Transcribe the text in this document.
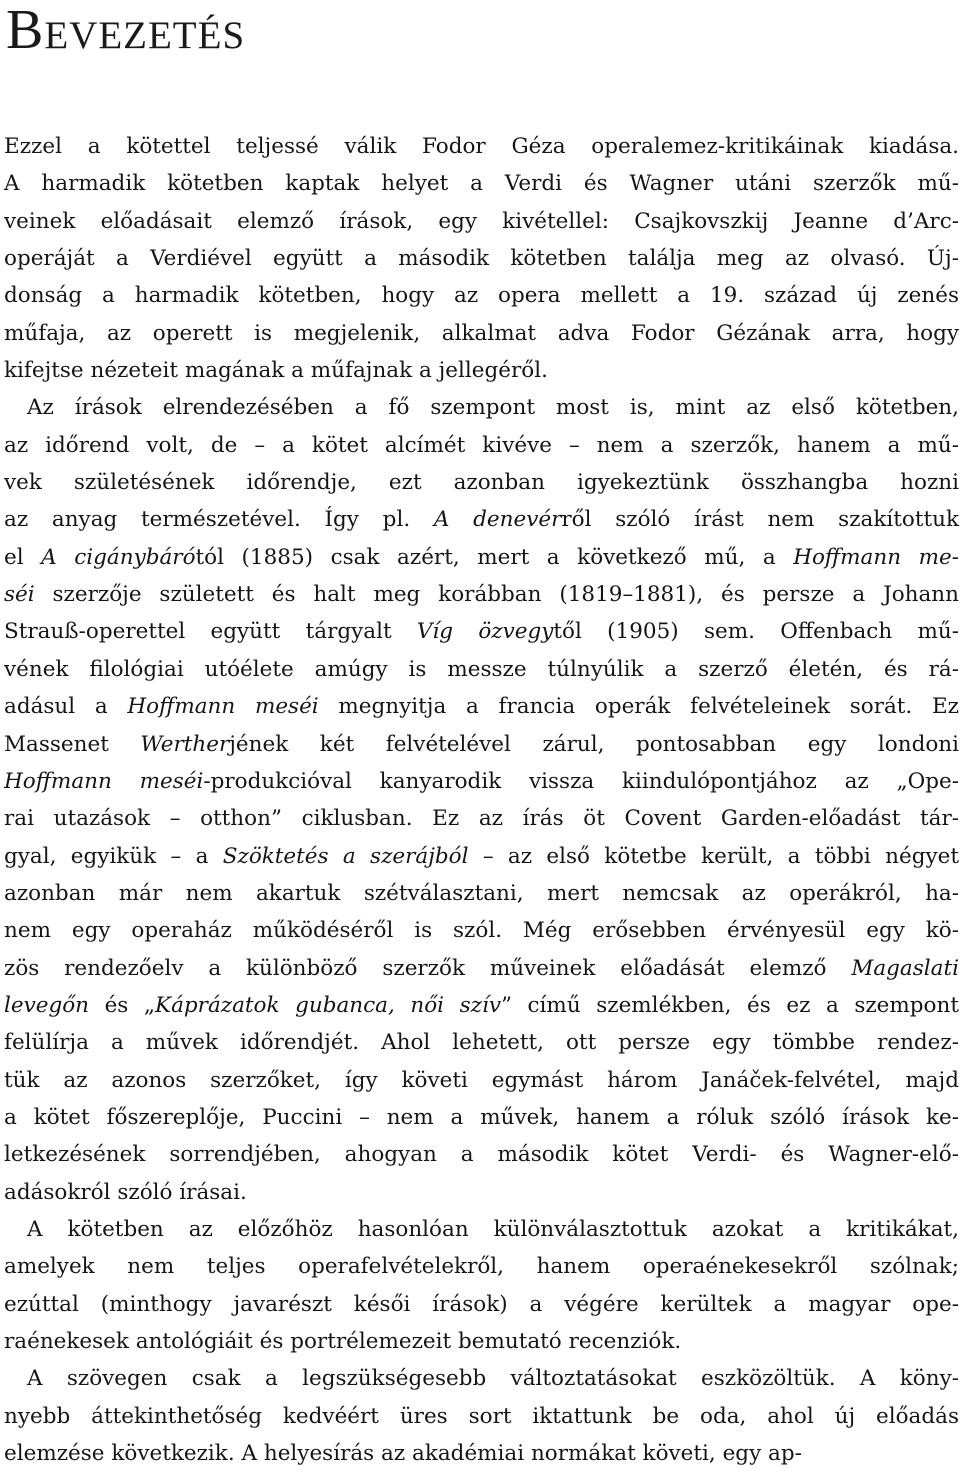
Bevezetés
Ezzel a kötettel teljessé válik Fodor Géza operalemez-kritikáinak kiadása.
A harmadik kötetben kaptak helyet a Verdi és Wagner utáni szerzők mű-
veinek előadásait elemző írások, egy kivétellel: Csajkovszkij Jeanne d’Arc-
operáját a Verdiével együtt a második kötetben találja meg az olvasó. Új-
donság a harmadik kötetben, hogy az opera mellett a 19. század új zenés
műfaja, az operett is megjelenik, alkalmat adva Fodor Gézának arra, hogy
kifejtse nézeteit magának a műfajnak a jellegéről.
Az írások elrendezésében a fő szempont most is, mint az első kötetben,
az időrend volt, de – a kötet alcímét kivéve – nem a szerzők, hanem a mű-
vek születésének időrendje, ezt azonban igyekeztünk összhangba hozni
az anyag természetével. Így pl. A denevérről szóló írást nem szakítottuk
el A cigánybárótól (1885) csak azért, mert a következő mű, a Hoffmann me-
séi szerzője született és halt meg korábban (1819–1881), és persze a Johann
Strauß-operettel együtt tárgyalt Víg özvegytől (1905) sem. Offenbach mű-
vének filológiai utóélete amúgy is messze túlnyúlik a szerző életén, és rá-
adásul a Hoffmann meséi megnyitja a francia operák felvételeinek sorát. Ez
Massenet Wertherjének két felvételével zárul, pontosabban egy londoni
Hoffmann meséi-produkcióval kanyarodik vissza kiindulópontjához az „Ope-
rai utazások – otthon” ciklusban. Ez az írás öt Covent Garden-előadást tár-
gyal, egyikük – a Szöktetés a szerájból – az első kötetbe került, a többi négyet
azonban már nem akartuk szétválasztani, mert nemcsak az operákról, ha-
nem egy operaház működéséről is szól. Még erősebben érvényesül egy kö-
zös rendezőelv a különböző szerzők műveinek előadását elemző Magaslati
levegőn és „Káprázatok gubanca, női szív” című szemlékben, és ez a szempont
felülírja a művek időrendjét. Ahol lehetett, ott persze egy tömbbe rendez-
tük az azonos szerzőket, így követi egymást három Janáček-felvétel, majd
a kötet főszereplője, Puccini – nem a művek, hanem a róluk szóló írások ke-
letkezésének sorrendjében, ahogyan a második kötet Verdi- és Wagner-elő-
adásokról szóló írásai.
A kötetben az előzőhöz hasonlóan különválasztottuk azokat a kritikákat,
amelyek nem teljes operafelvételekről, hanem operaénekesekről szólnak;
ezúttal (minthogy javarészt késői írások) a végére kerültek a magyar ope-
raénekesek antológiáit és portrélemezeit bemutató recenziók.
A szövegen csak a legszükségesebb változtatásokat eszközöltük. A köny-
nyebb áttekinthetőség kedvéért üres sort iktattunk be oda, ahol új előadás
elemzése következik. A helyesírás az akadémiai normákat követi, egy ap-
